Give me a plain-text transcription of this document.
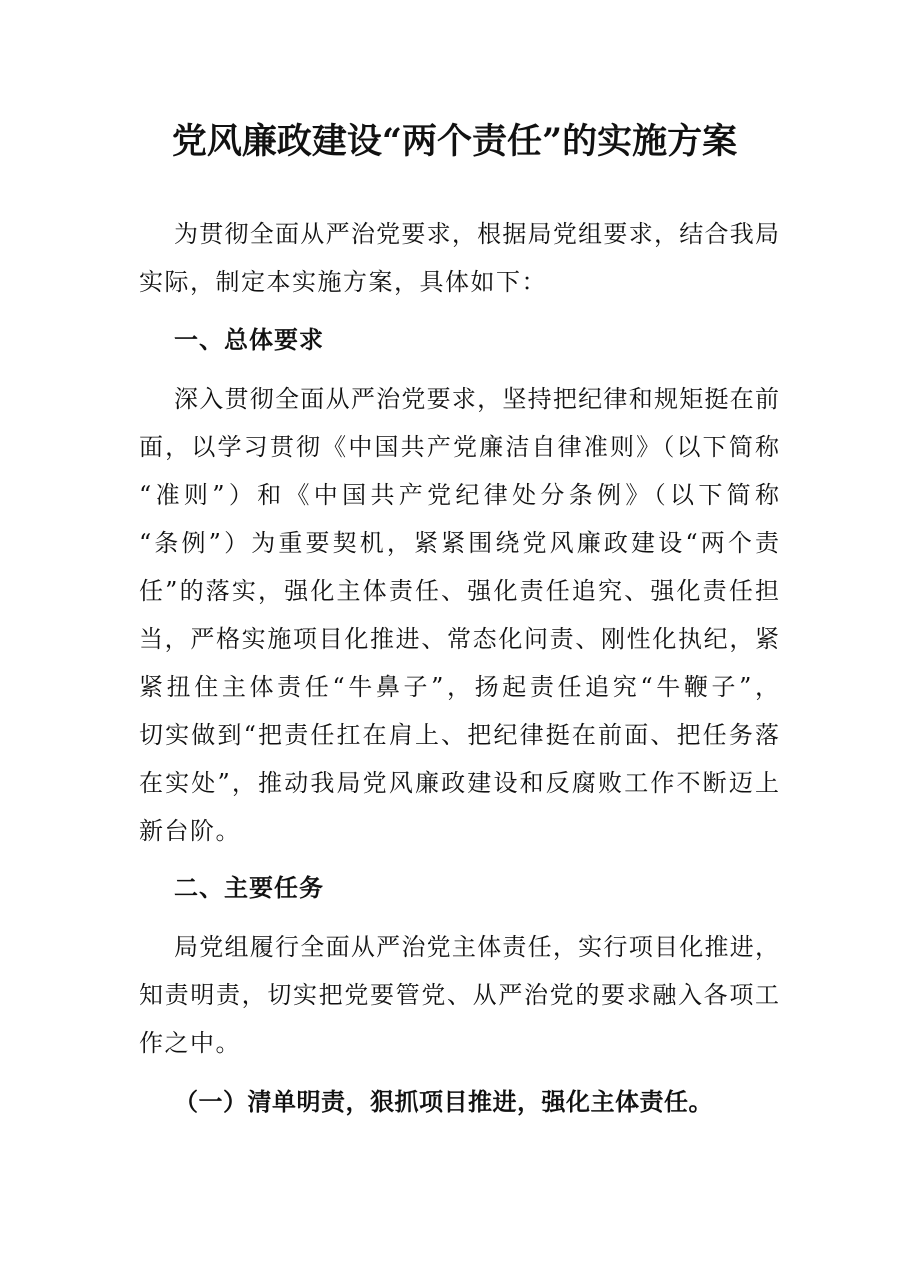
党风廉政建设“两个责任”的实施方案
为贯彻全面从严治党要求，根据局党组要求，结合我局
实际，制定本实施方案，具体如下：
一、总体要求
深入贯彻全面从严治党要求，坚持把纪律和规矩挺在前
面，以学习贯彻《中国共产党廉洁自律准则》（以下简称
“准则”）和《中国共产党纪律处分条例》（以下简称
“条例”）为重要契机，紧紧围绕党风廉政建设“两个责
任”的落实，强化主体责任、强化责任追究、强化责任担
当，严格实施项目化推进、常态化问责、刚性化执纪，紧
紧扭住主体责任“牛鼻子”，扬起责任追究“牛鞭子”，
切实做到“把责任扛在肩上、把纪律挺在前面、把任务落
在实处”，推动我局党风廉政建设和反腐败工作不断迈上
新台阶。
二、主要任务
局党组履行全面从严治党主体责任，实行项目化推进，
知责明责，切实把党要管党、从严治党的要求融入各项工
作之中。
（一）清单明责，狠抓项目推进，强化主体责任。
